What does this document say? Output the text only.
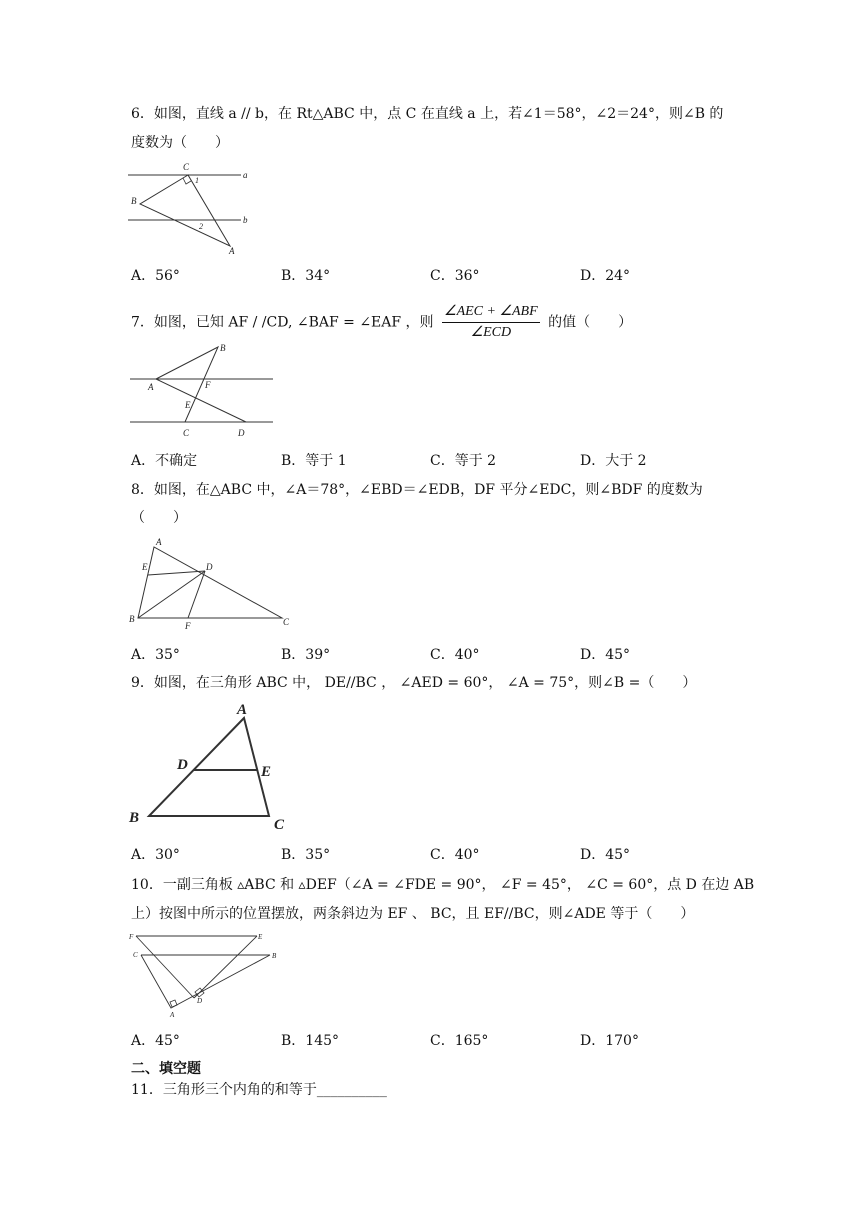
6．如图，直线 a // b，在 Rt△ABC 中，点 C 在直线 a 上，若∠1＝58°，∠2＝24°，则∠B 的
度数为（　　）
C
B
A
a
b
1
2
A．56°	B．34°	C．36°	D．24°
7．如图，已知 AF / /CD, ∠BAF = ∠EAF ，则 $\frac{\text{∠AEC + ∠ABF}}{\text{∠ECD}}$ 的值（　　）
B
A	F
E
C	D
A．不确定	B．等于 1	C．等于 2	D．大于 2
8．如图，在△ABC 中，∠A＝78°，∠EBD＝∠EDB，DF 平分∠EDC，则∠BDF 的度数为
（　　）
A
E	D
B
F	C
A．35°	B．39°	C．40°	D．45°
9．如图，在三角形 ABC 中， DE//BC ， ∠AED = 60°， ∠A = 75°，则∠B =（　　）
A
D	E
B	C
A．30°	B．35°	C．40°	D．45°
10．一副三角板 ▵ABC 和 ▵DEF（∠A = ∠FDE = 90°， ∠F = 45°， ∠C = 60°，点 D 在边 AB
上）按图中所示的位置摆放，两条斜边为 EF 、 BC，且 EF//BC，则∠ADE 等于（　　）
F	E
C	B
D
A
A．45°	B．145°	C．165°	D．170°
二、填空题
11．三角形三个内角的和等于__________
